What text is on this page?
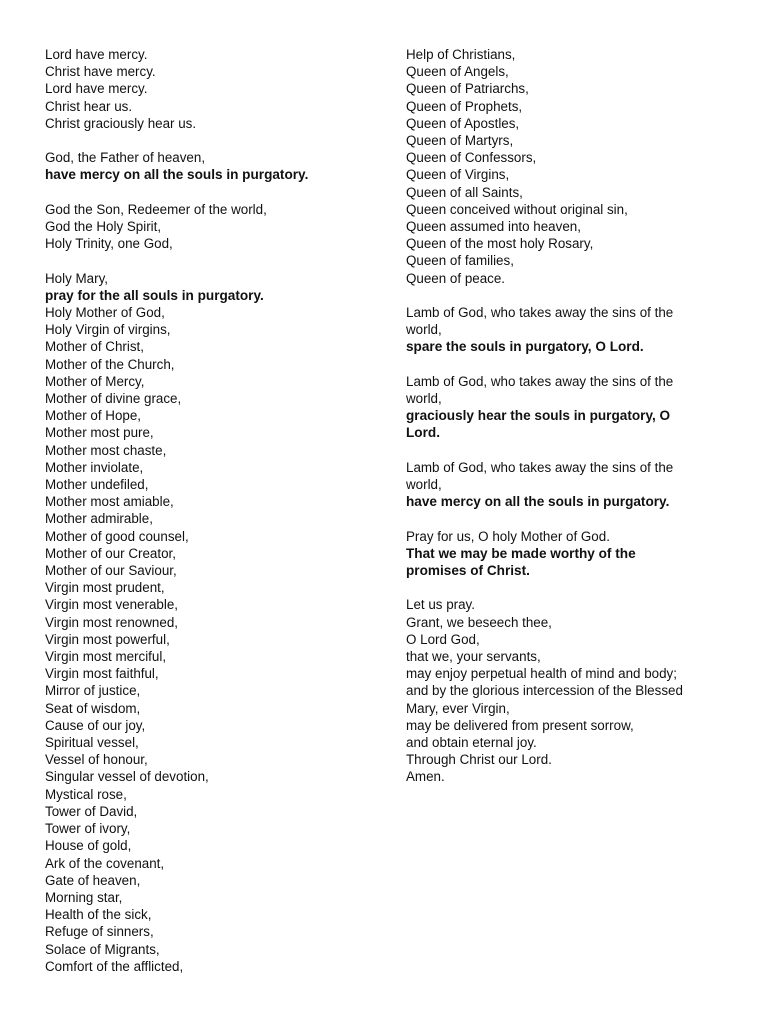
Lord have mercy.
Christ have mercy.
Lord have mercy.
Christ hear us.
Christ graciously hear us.
God, the Father of heaven,
have mercy on all the souls in purgatory.
God the Son, Redeemer of the world,
God the Holy Spirit,
Holy Trinity, one God,
Holy Mary,
pray for the all souls in purgatory.
Holy Mother of God,
Holy Virgin of virgins,
Mother of Christ,
Mother of the Church,
Mother of Mercy,
Mother of divine grace,
Mother of Hope,
Mother most pure,
Mother most chaste,
Mother inviolate,
Mother undefiled,
Mother most amiable,
Mother admirable,
Mother of good counsel,
Mother of our Creator,
Mother of our Saviour,
Virgin most prudent,
Virgin most venerable,
Virgin most renowned,
Virgin most powerful,
Virgin most merciful,
Virgin most faithful,
Mirror of justice,
Seat of wisdom,
Cause of our joy,
Spiritual vessel,
Vessel of honour,
Singular vessel of devotion,
Mystical rose,
Tower of David,
Tower of ivory,
House of gold,
Ark of the covenant,
Gate of heaven,
Morning star,
Health of the sick,
Refuge of sinners,
Solace of Migrants,
Comfort of the afflicted,
Help of Christians,
Queen of Angels,
Queen of Patriarchs,
Queen of Prophets,
Queen of Apostles,
Queen of Martyrs,
Queen of Confessors,
Queen of Virgins,
Queen of all Saints,
Queen conceived without original sin,
Queen assumed into heaven,
Queen of the most holy Rosary,
Queen of families,
Queen of peace.
Lamb of God, who takes away the sins of the
world,
spare the souls in purgatory, O Lord.
Lamb of God, who takes away the sins of the
world,
graciously hear the souls in purgatory, O
Lord.
Lamb of God, who takes away the sins of the
world,
have mercy on all the souls in purgatory.
Pray for us, O holy Mother of God.
That we may be made worthy of the
promises of Christ.
Let us pray.
Grant, we beseech thee,
O Lord God,
that we, your servants,
may enjoy perpetual health of mind and body;
and by the glorious intercession of the Blessed
Mary, ever Virgin,
may be delivered from present sorrow,
and obtain eternal joy.
Through Christ our Lord.
Amen.
